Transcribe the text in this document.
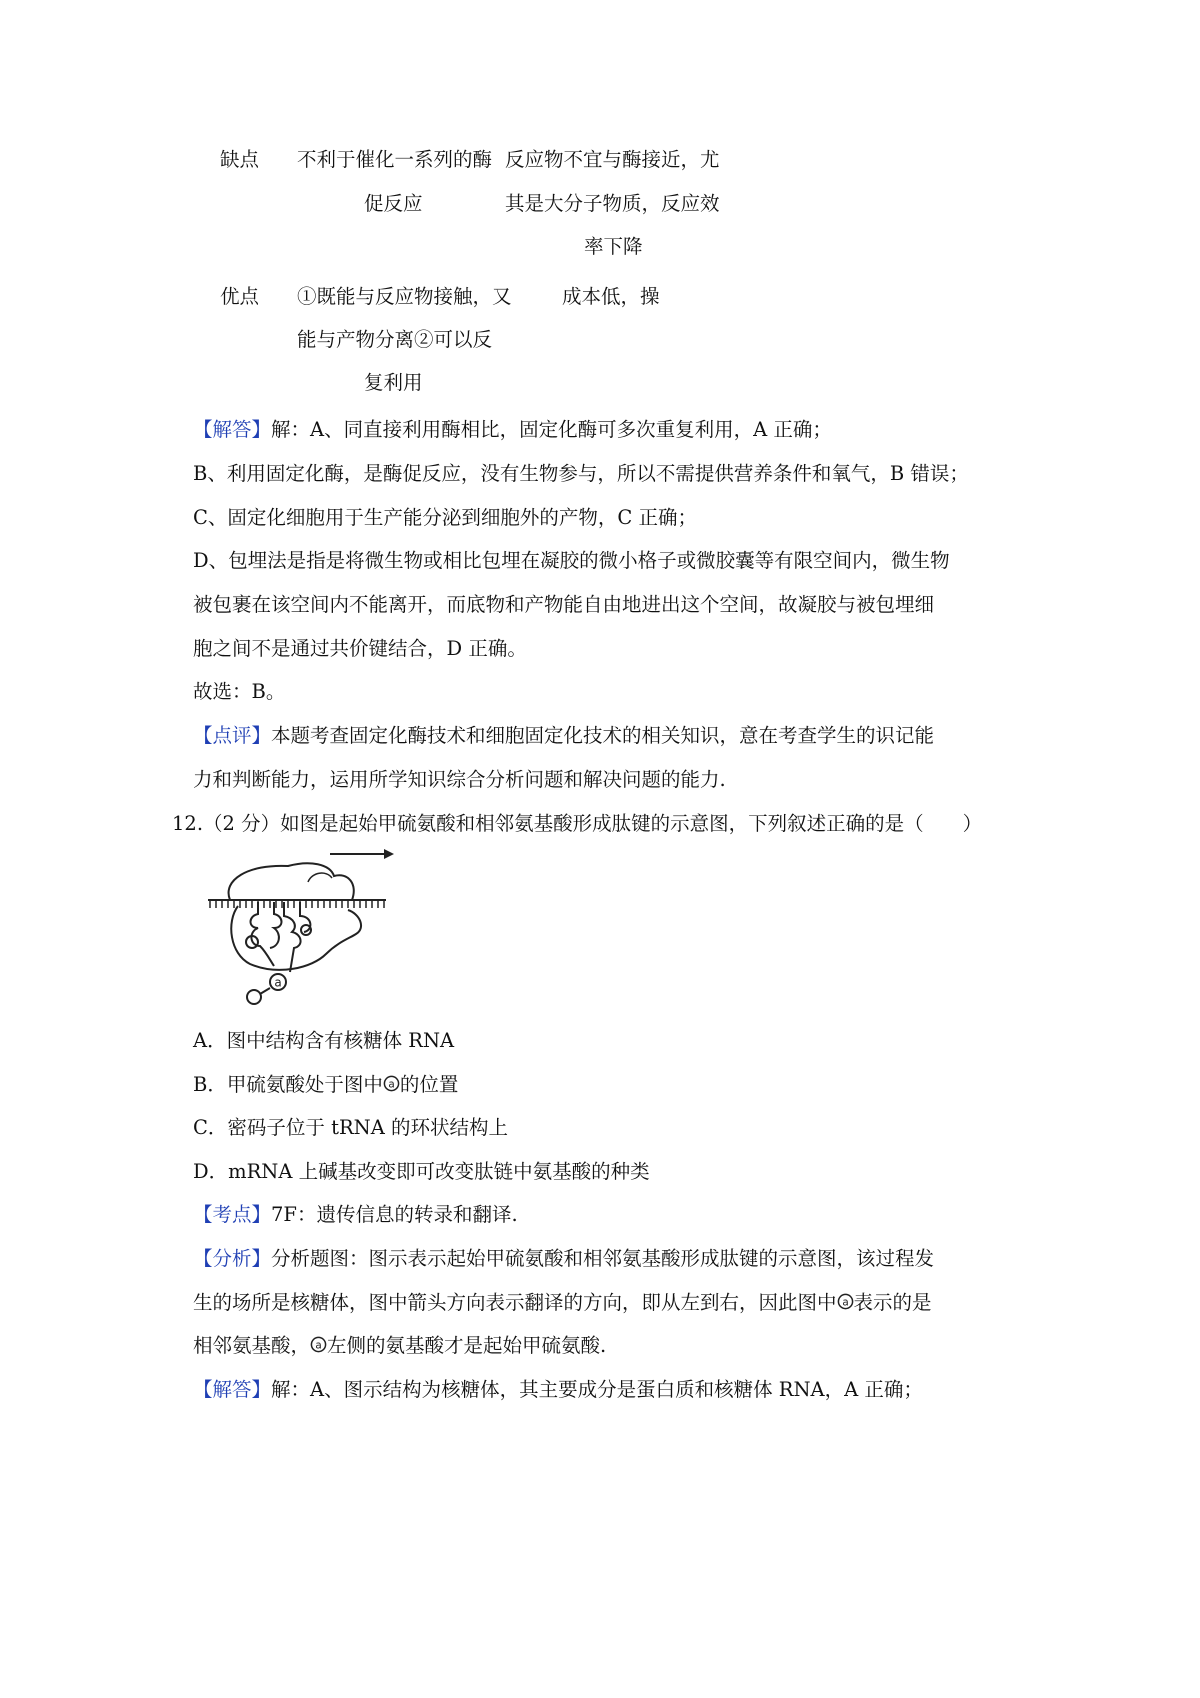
缺点 不利于催化一系列的酶
促反应
反应物不宜与酶接近，尤
其是大分子物质，反应效
率下降
优点 ①既能与反应物接触，又
能与产物分离②可以反
复利用
成本低，操
【解答】解：A、同直接利用酶相比，固定化酶可多次重复利用，A 正确；
B、利用固定化酶，是酶促反应，没有生物参与，所以不需提供营养条件和氧气，B 错误；
C、固定化细胞用于生产能分泌到细胞外的产物，C 正确；
D、包埋法是指是将微生物或相比包埋在凝胶的微小格子或微胶囊等有限空间内，微生物
被包裹在该空间内不能离开，而底物和产物能自由地进出这个空间，故凝胶与被包埋细
胞之间不是通过共价键结合，D 正确。
故选：B。
【点评】本题考查固定化酶技术和细胞固定化技术的相关知识，意在考查学生的识记能
力和判断能力，运用所学知识综合分析问题和解决问题的能力.
12.（2 分）如图是起始甲硫氨酸和相邻氨基酸形成肽键的示意图，下列叙述正确的是（　　）
a
A．图中结构含有核糖体 RNA
B．甲硫氨酸处于图中 a 的位置
C．密码子位于 tRNA 的环状结构上
D．mRNA 上碱基改变即可改变肽链中氨基酸的种类
【考点】7F：遗传信息的转录和翻译.
【分析】分析题图：图示表示起始甲硫氨酸和相邻氨基酸形成肽键的示意图，该过程发
生的场所是核糖体，图中箭头方向表示翻译的方向，即从左到右，因此图中 a 表示的是
相邻氨基酸， a 左侧的氨基酸才是起始甲硫氨酸.
【解答】解：A、图示结构为核糖体，其主要成分是蛋白质和核糖体 RNA，A 正确；
